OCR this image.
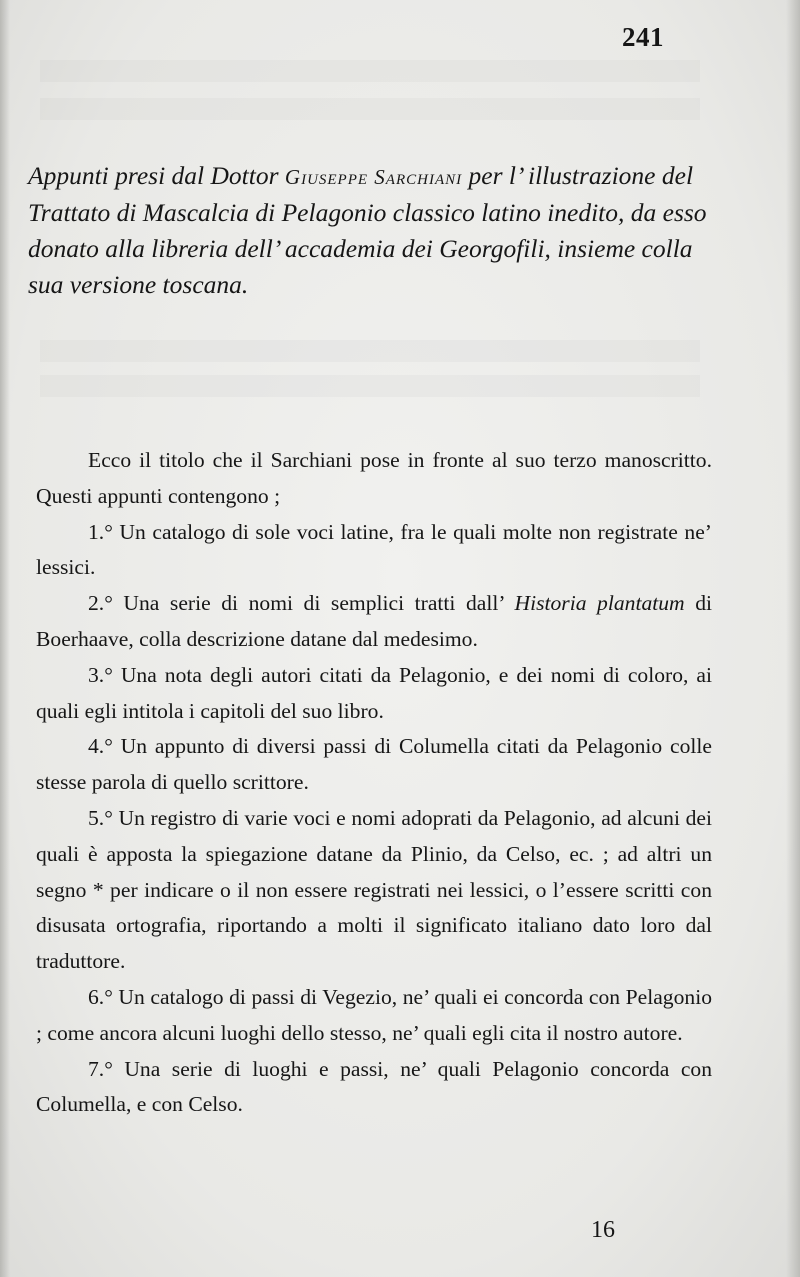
241
Appunti presi dal Dottor Giuseppe Sarchiani per l’ illustrazione del Trattato di Mascalcia di Pelagonio classico latino inedito, da esso donato alla libreria dell’ accademia dei Georgofili, insieme colla sua versione toscana.

Ecco il titolo che il Sarchiani pose in fronte al suo terzo manoscritto. Questi appunti contengono ;

1.° Un catalogo di sole voci latine, fra le quali molte non registrate ne’ lessici.

2.° Una serie di nomi di semplici tratti dall’ Historia plantatum di Boerhaave, colla descrizione datane dal medesimo.

3.° Una nota degli autori citati da Pelagonio, e dei nomi di coloro, ai quali egli intitola i capitoli del suo libro.

4.° Un appunto di diversi passi di Columella citati da Pelagonio colle stesse parola di quello scrittore.

5.° Un registro di varie voci e nomi adoprati da Pelagonio, ad alcuni dei quali è apposta la spiegazione datane da Plinio, da Celso, ec. ; ad altri un segno * per indicare o il non essere registrati nei lessici, o l’essere scritti con disusata ortografia, riportando a molti il significato italiano dato loro dal traduttore.

6.° Un catalogo di passi di Vegezio, ne’ quali ei concorda con Pelagonio ; come ancora alcuni luoghi dello stesso, ne’ quali egli cita il nostro autore.

7.° Una serie di luoghi e passi, ne’ quali Pelagonio concorda con Columella, e con Celso.

16
